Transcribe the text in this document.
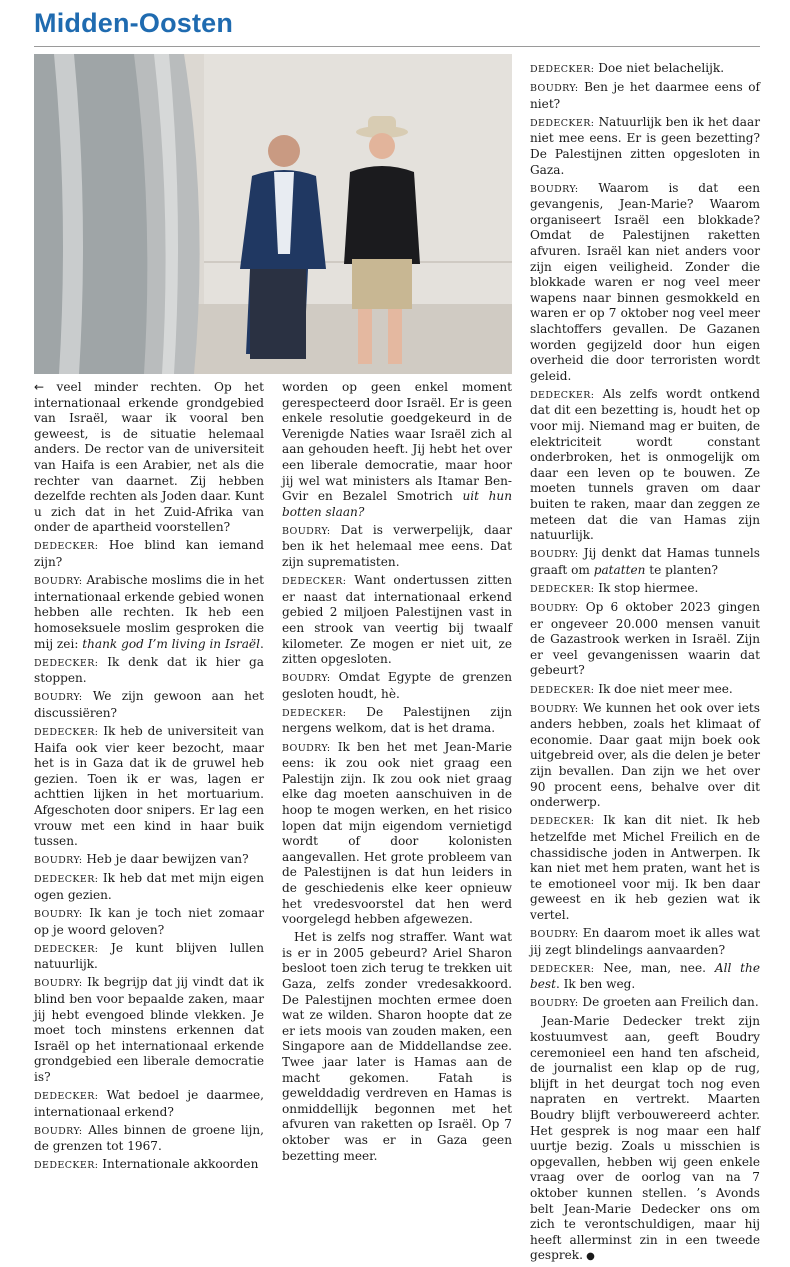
Midden-Oosten

← veel minder rechten. Op het internationaal erkende grondgebied van Israël, waar ik vooral ben geweest, is de situatie helemaal anders. De rector van de universiteit van Haifa is een Arabier, net als die rechter van daarnet. Zij hebben dezelfde rechten als Joden daar. Kunt u zich dat in het Zuid-Afrika van onder de apartheid voorstellen?

DEDECKER: Hoe blind kan iemand zijn?

BOUDRY: Arabische moslims die in het internationaal erkende gebied wonen hebben alle rechten. Ik heb een homoseksuele moslim gesproken die mij zei: thank god I’m living in Israël.

DEDECKER: Ik denk dat ik hier ga stoppen.

BOUDRY: We zijn gewoon aan het discussiëren?

DEDECKER: Ik heb de universiteit van Haifa ook vier keer bezocht, maar het is in Gaza dat ik de gruwel heb gezien. Toen ik er was, lagen er achttien lijken in het mortuarium. Afgeschoten door snipers. Er lag een vrouw met een kind in haar buik tussen.

BOUDRY: Heb je daar bewijzen van?

DEDECKER: Ik heb dat met mijn eigen ogen gezien.

BOUDRY: Ik kan je toch niet zomaar op je woord geloven?

DEDECKER: Je kunt blijven lullen natuurlijk.

BOUDRY: Ik begrijp dat jij vindt dat ik blind ben voor bepaalde zaken, maar jij hebt evengoed blinde vlekken. Je moet toch minstens erkennen dat Israël op het internationaal erkende grondgebied een liberale democratie is?

DEDECKER: Wat bedoel je daarmee, internationaal erkend?

BOUDRY: Alles binnen de groene lijn, de grenzen tot 1967.

DEDECKER: Internationale akkoorden

worden op geen enkel moment gerespecteerd door Israël. Er is geen enkele resolutie goedgekeurd in de Verenigde Naties waar Israël zich al aan gehouden heeft. Jij hebt het over een liberale democratie, maar hoor jij wel wat ministers als Itamar Ben-Gvir en Bezalel Smotrich uit hun botten slaan?

BOUDRY: Dat is verwerpelijk, daar ben ik het helemaal mee eens. Dat zijn suprematisten.

DEDECKER: Want ondertussen zitten er naast dat internationaal erkend gebied 2 miljoen Palestijnen vast in een strook van veertig bij twaalf kilometer. Ze mogen er niet uit, ze zitten opgesloten.

BOUDRY: Omdat Egypte de grenzen gesloten houdt, hè.

DEDECKER: De Palestijnen zijn nergens welkom, dat is het drama.

BOUDRY: Ik ben het met Jean-Marie eens: ik zou ook niet graag een Palestijn zijn. Ik zou ook niet graag elke dag moeten aanschuiven in de hoop te mogen werken, en het risico lopen dat mijn eigendom vernietigd wordt of door kolonisten aangevallen. Het grote probleem van de Palestijnen is dat hun leiders in de geschiedenis elke keer opnieuw het vredesvoorstel dat hen werd voorgelegd hebben afgewezen.

Het is zelfs nog straffer. Want wat is er in 2005 gebeurd? Ariel Sharon besloot toen zich terug te trekken uit Gaza, zelfs zonder vredesakkoord. De Palestijnen mochten ermee doen wat ze wilden. Sharon hoopte dat ze er iets moois van zouden maken, een Singapore aan de Middellandse zee. Twee jaar later is Hamas aan de macht gekomen. Fatah is gewelddadig verdreven en Hamas is onmiddellijk begonnen met het afvuren van raketten op Israël. Op 7 oktober was er in Gaza geen bezetting meer.

DEDECKER: Doe niet belachelijk.

BOUDRY: Ben je het daarmee eens of niet?

DEDECKER: Natuurlijk ben ik het daar niet mee eens. Er is geen bezetting? De Palestijnen zitten opgesloten in Gaza.

BOUDRY: Waarom is dat een gevangenis, Jean-Marie? Waarom organiseert Israël een blokkade? Omdat de Palestijnen raketten afvuren. Israël kan niet anders voor zijn eigen veiligheid. Zonder die blokkade waren er nog veel meer wapens naar binnen gesmokkeld en waren er op 7 oktober nog veel meer slachtoffers gevallen. De Gazanen worden gegijzeld door hun eigen overheid die door terroristen wordt geleid.

DEDECKER: Als zelfs wordt ontkend dat dit een bezetting is, houdt het op voor mij. Niemand mag er buiten, de elektriciteit wordt constant onderbroken, het is onmogelijk om daar een leven op te bouwen. Ze moeten tunnels graven om daar buiten te raken, maar dan zeggen ze meteen dat die van Hamas zijn natuurlijk.

BOUDRY: Jij denkt dat Hamas tunnels graaft om patatten te planten?

DEDECKER: Ik stop hiermee.

BOUDRY: Op 6 oktober 2023 gingen er ongeveer 20.000 mensen vanuit de Gazastrook werken in Israël. Zijn er veel gevangenissen waarin dat gebeurt?

DEDECKER: Ik doe niet meer mee.

BOUDRY: We kunnen het ook over iets anders hebben, zoals het klimaat of economie. Daar gaat mijn boek ook uitgebreid over, als die delen je beter zijn bevallen. Dan zijn we het over 90 procent eens, behalve over dit onderwerp.

DEDECKER: Ik kan dit niet. Ik heb hetzelfde met Michel Freilich en de chassidische joden in Antwerpen. Ik kan niet met hem praten, want het is te emotioneel voor mij. Ik ben daar geweest en ik heb gezien wat ik vertel.

BOUDRY: En daarom moet ik alles wat jij zegt blindelings aanvaarden?

DEDECKER: Nee, man, nee. All the best. Ik ben weg.

BOUDRY: De groeten aan Freilich dan.

Jean-Marie Dedecker trekt zijn kostuumvest aan, geeft Boudry ceremonieel een hand ten afscheid, de journalist een klap op de rug, blijft in het deurgat toch nog even napraten en vertrekt. Maarten Boudry blijft verbouwereerd achter. Het gesprek is nog maar een half uurtje bezig. Zoals u misschien is opgevallen, hebben wij geen enkele vraag over de oorlog van na 7 oktober kunnen stellen. ’s Avonds belt Jean-Marie Dedecker ons om zich te verontschuldigen, maar hij heeft allerminst zin in een tweede gesprek. ●
